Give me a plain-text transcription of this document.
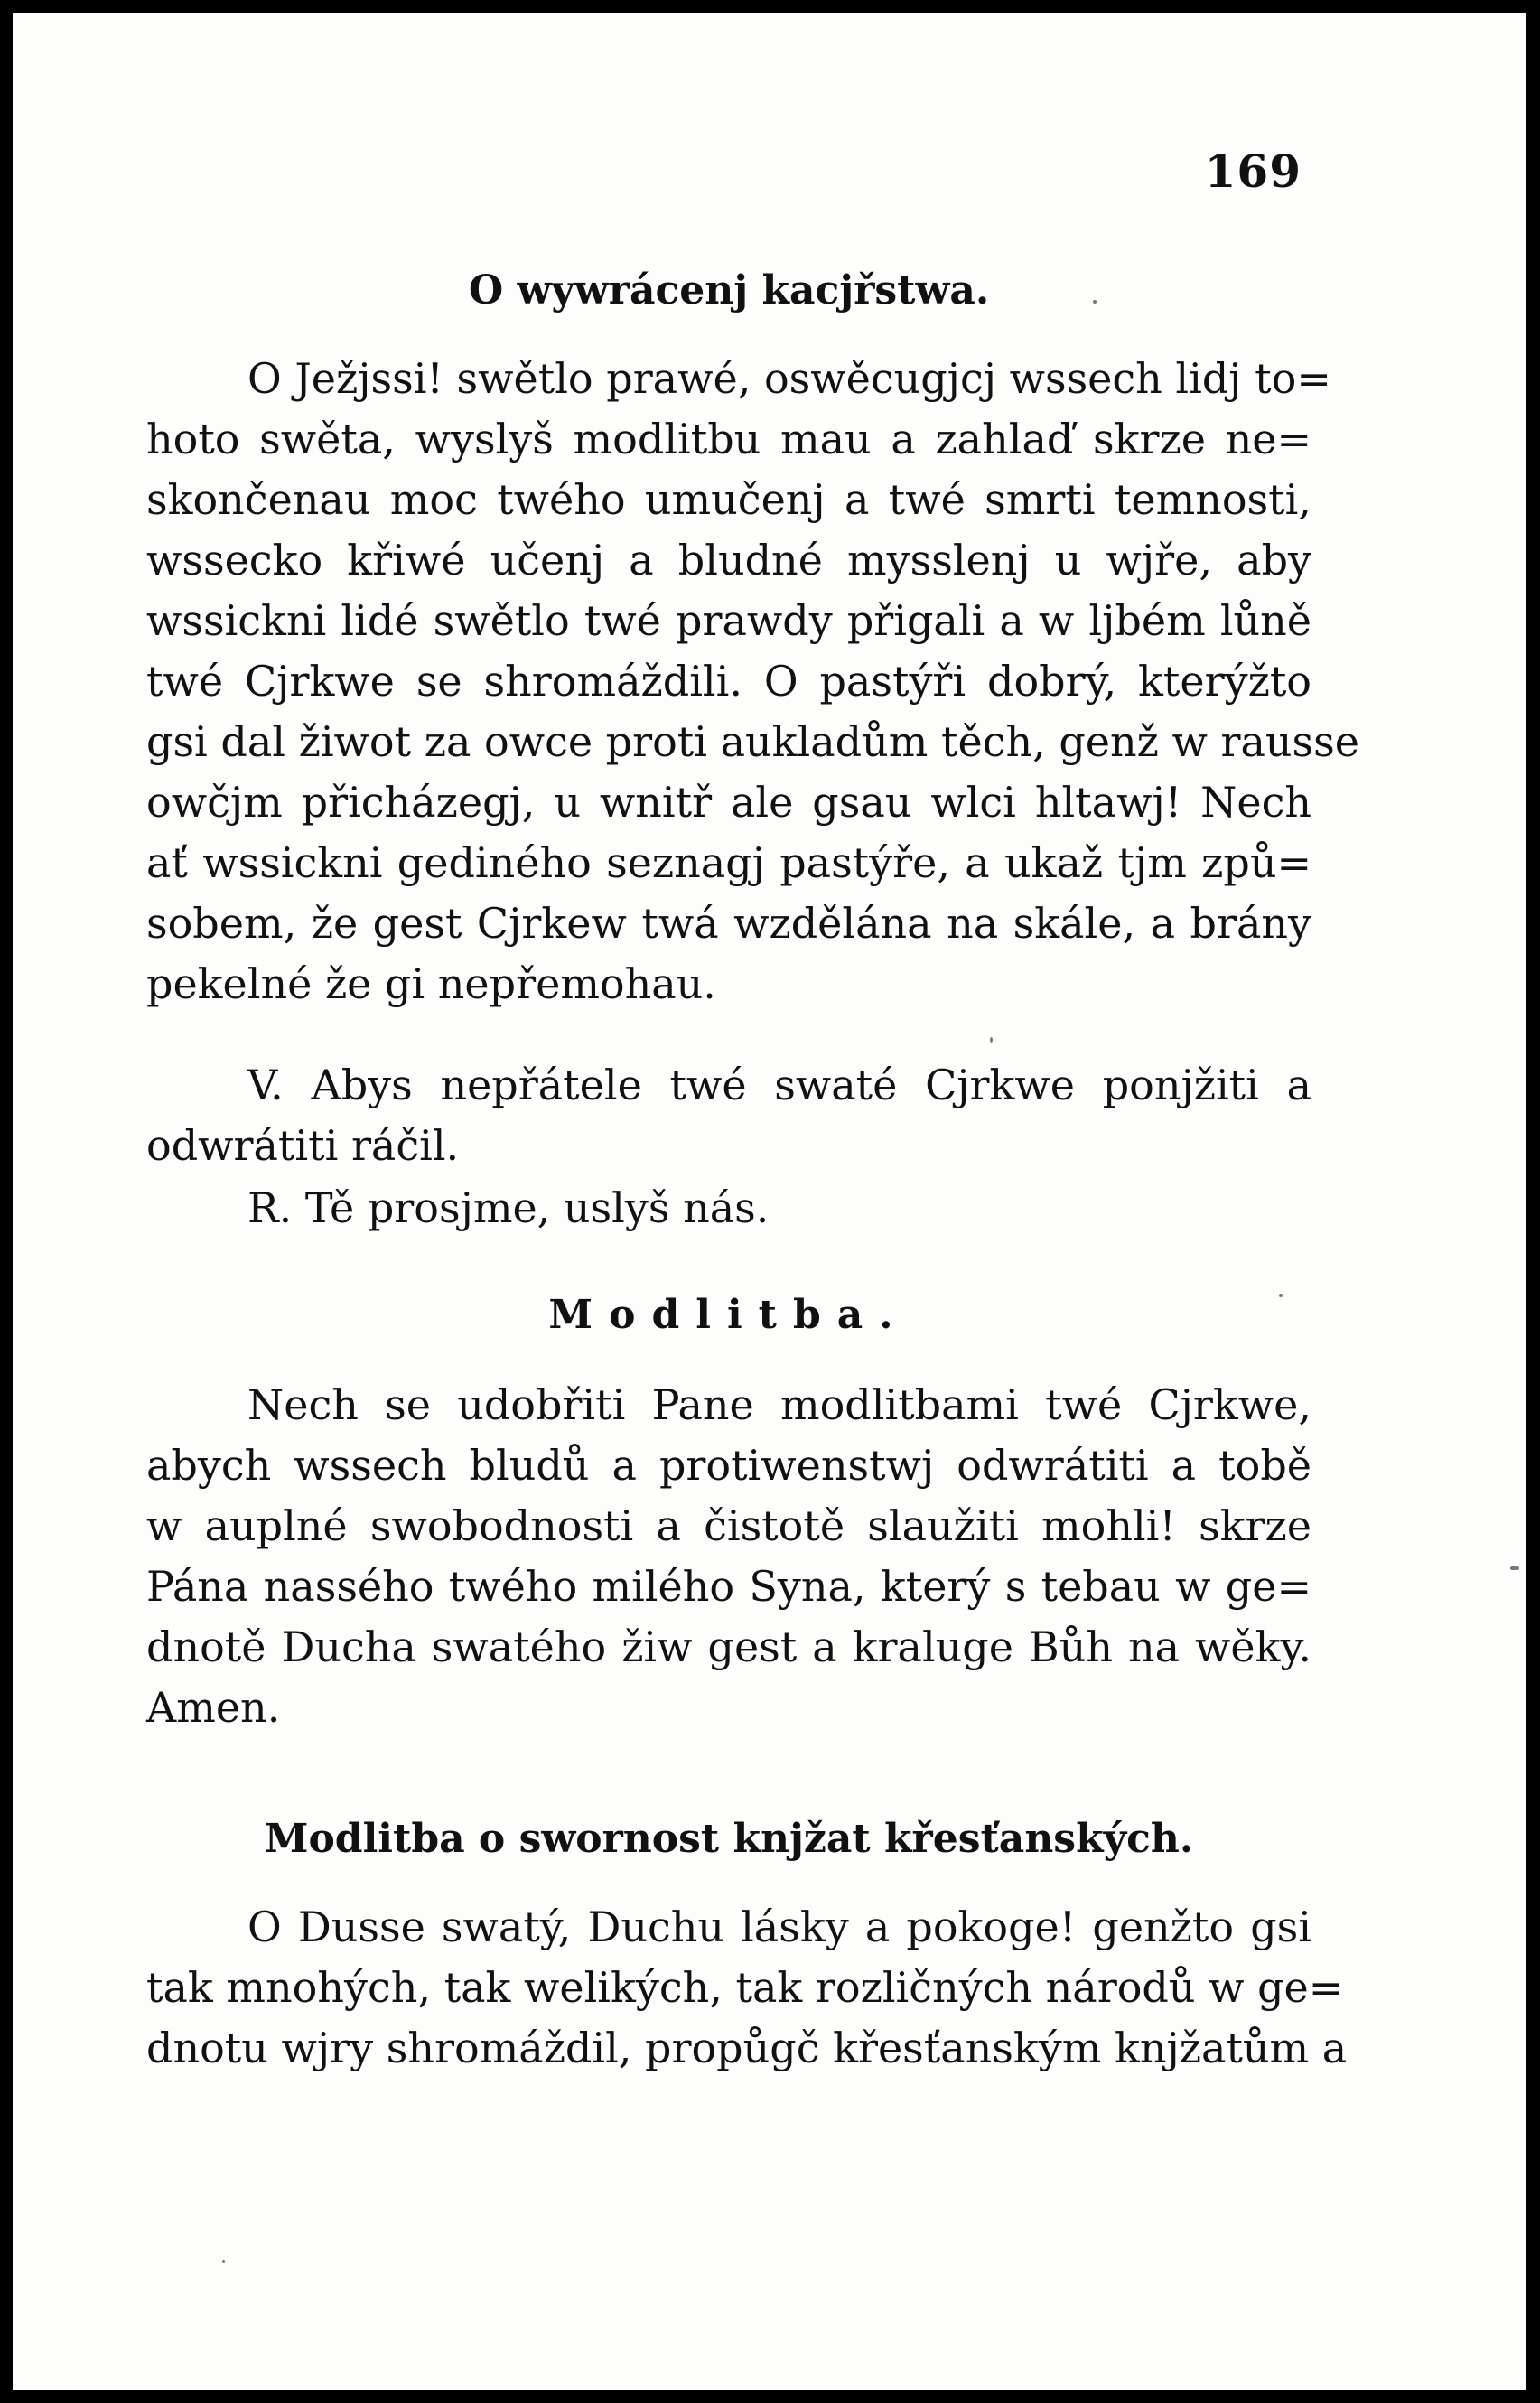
169

O wywrácenj kacjřstwa.

O Ježjssi! swětlo prawé, oswěcugjcj wssech lidj to=
hoto swěta, wyslyš modlitbu mau a zahlaď skrze ne=
skončenau moc twého umučenj a twé smrti temnosti,
wssecko křiwé učenj a bludné mysslenj u wjře, aby
wssickni lidé swětlo twé prawdy přigali a w ljbém lůně
twé Cjrkwe se shromáždili. O pastýři dobrý, kterýžto
gsi dal žiwot za owce proti aukladům těch, genž w rausse
owčjm přicházegj, u wnitř ale gsau wlci hltawj! Nech
ať wssickni gediného seznagj pastýře, a ukaž tjm způ=
sobem, že gest Cjrkew twá wzdělána na skále, a brány
pekelné že gi nepřemohau.

V. Abys nepřátele twé swaté Cjrkwe ponjžiti a
odwrátiti ráčil.

R. Tě prosjme, uslyš nás.

Modlitba.

Nech se udobřiti Pane modlitbami twé Cjrkwe,
abych wssech bludů a protiwenstwj odwrátiti a tobě
w auplné swobodnosti a čistotě slaužiti mohli! skrze
Pána nassého twého milého Syna, který s tebau w ge=
dnotě Ducha swatého žiw gest a kraluge Bůh na wěky.
Amen.

Modlitba o swornost knjžat křesťanských.

O Dusse swatý, Duchu lásky a pokoge! genžto gsi
tak mnohých, tak welikých, tak rozličných národů w ge=
dnotu wjry shromáždil, propůgč křesťanským knjžatům a
